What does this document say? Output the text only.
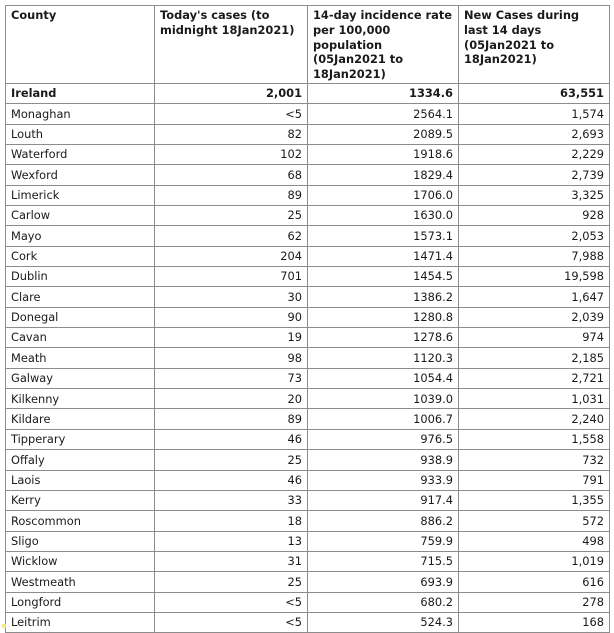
County	Today's cases (to midnight 18Jan2021)	14-day incidence rate per 100,000 population (05Jan2021 to 18Jan2021)	New Cases during last 14 days (05Jan2021 to 18Jan2021)
Ireland	2,001	1334.6	63,551
Monaghan	<5	2564.1	1,574
Louth	82	2089.5	2,693
Waterford	102	1918.6	2,229
Wexford	68	1829.4	2,739
Limerick	89	1706.0	3,325
Carlow	25	1630.0	928
Mayo	62	1573.1	2,053
Cork	204	1471.4	7,988
Dublin	701	1454.5	19,598
Clare	30	1386.2	1,647
Donegal	90	1280.8	2,039
Cavan	19	1278.6	974
Meath	98	1120.3	2,185
Galway	73	1054.4	2,721
Kilkenny	20	1039.0	1,031
Kildare	89	1006.7	2,240
Tipperary	46	976.5	1,558
Offaly	25	938.9	732
Laois	46	933.9	791
Kerry	33	917.4	1,355
Roscommon	18	886.2	572
Sligo	13	759.9	498
Wicklow	31	715.5	1,019
Westmeath	25	693.9	616
Longford	<5	680.2	278
Leitrim	<5	524.3	168
